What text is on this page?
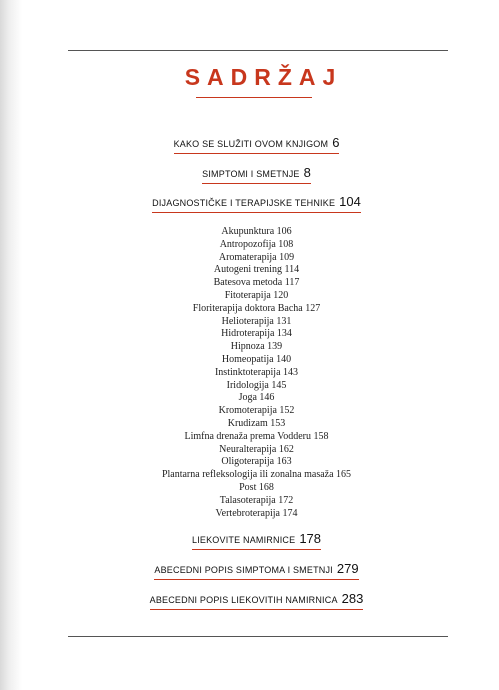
SADRŽAJ
KAKO SE SLUŽITI OVOM KNJIGOM 6
SIMPTOMI I SMETNJE 8
DIJAGNOSTIČKE I TERAPIJSKE TEHNIKE 104
Akupunktura 106
Antropozofija 108
Aromaterapija 109
Autogeni trening 114
Batesova metoda 117
Fitoterapija 120
Floriterapija doktora Bacha 127
Helioterapija 131
Hidroterapija 134
Hipnoza 139
Homeopatija 140
Instinktoterapija 143
Iridologija 145
Joga 146
Kromoterapija 152
Krudizam 153
Limfna drenaža prema Vodderu 158
Neuralterapija 162
Oligoterapija 163
Plantarna refleksologija ili zonalna masaža 165
Post 168
Talasoterapija 172
Vertebroterapija 174
LIEKOVITE NAMIRNICE 178
ABECEDNI POPIS SIMPTOMA I SMETNJI 279
ABECEDNI POPIS LIEKOVITIH NAMIRNICA 283
